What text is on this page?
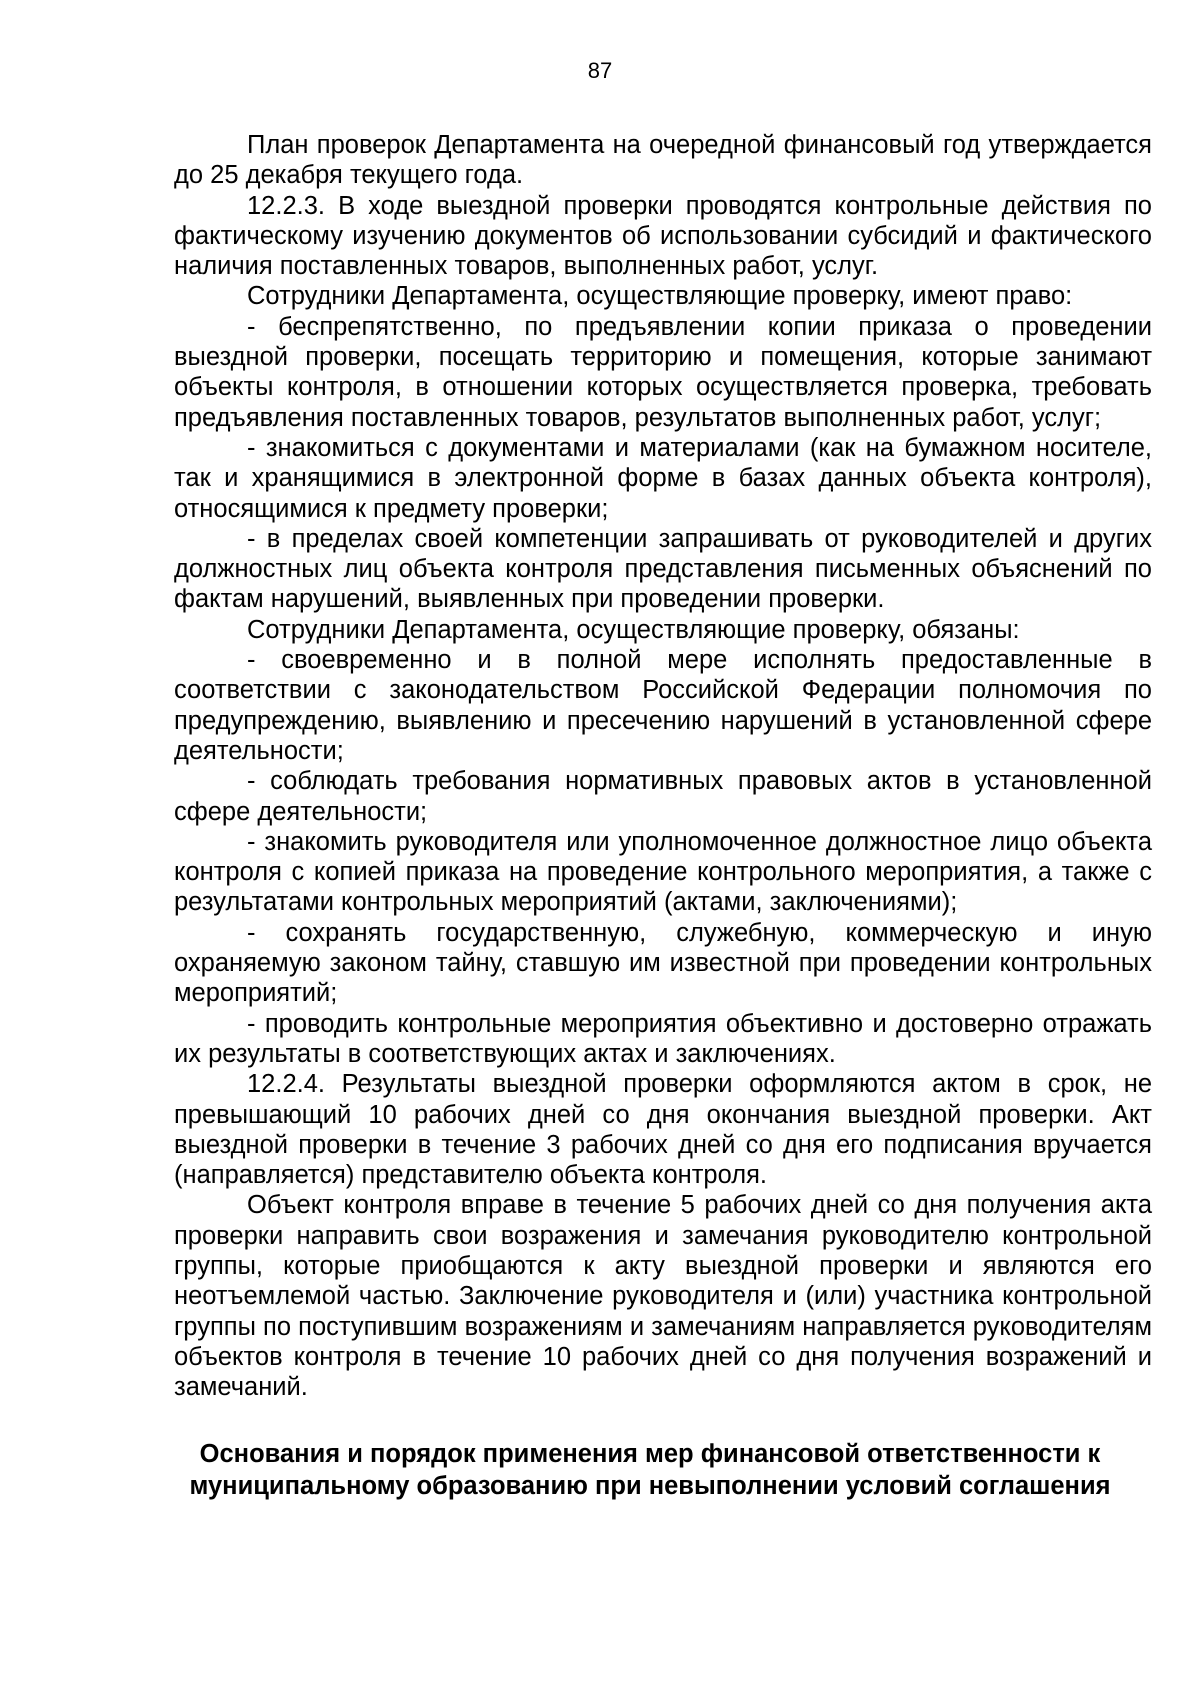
87

План проверок Департамента на очередной финансовый год утверждается до 25 декабря текущего года.

12.2.3. В ходе выездной проверки проводятся контрольные действия по фактическому изучению документов об использовании субсидий и фактического наличия поставленных товаров, выполненных работ, услуг.

Сотрудники Департамента, осуществляющие проверку, имеют право:

- беспрепятственно, по предъявлении копии приказа о проведении выездной проверки, посещать территорию и помещения, которые занимают объекты контроля, в отношении которых осуществляется проверка, требовать предъявления поставленных товаров, результатов выполненных работ, услуг;

- знакомиться с документами и материалами (как на бумажном носителе, так и хранящимися в электронной форме в базах данных объекта контроля), относящимися к предмету проверки;

- в пределах своей компетенции запрашивать от руководителей и других должностных лиц объекта контроля представления письменных объяснений по фактам нарушений, выявленных при проведении проверки.

Сотрудники Департамента, осуществляющие проверку, обязаны:

- своевременно и в полной мере исполнять предоставленные в соответствии с законодательством Российской Федерации полномочия по предупреждению, выявлению и пресечению нарушений в установленной сфере деятельности;

- соблюдать требования нормативных правовых актов в установленной сфере деятельности;

- знакомить руководителя или уполномоченное должностное лицо объекта контроля с копией приказа на проведение контрольного мероприятия, а также с результатами контрольных мероприятий (актами, заключениями);

- сохранять государственную, служебную, коммерческую и иную охраняемую законом тайну, ставшую им известной при проведении контрольных мероприятий;

- проводить контрольные мероприятия объективно и достоверно отражать их результаты в соответствующих актах и заключениях.

12.2.4. Результаты выездной проверки оформляются актом в срок, не превышающий 10 рабочих дней со дня окончания выездной проверки. Акт выездной проверки в течение 3 рабочих дней со дня его подписания вручается (направляется) представителю объекта контроля.

Объект контроля вправе в течение 5 рабочих дней со дня получения акта проверки направить свои возражения и замечания руководителю контрольной группы, которые приобщаются к акту выездной проверки и являются его неотъемлемой частью. Заключение руководителя и (или) участника контрольной группы по поступившим возражениям и замечаниям направляется руководителям объектов контроля в течение 10 рабочих дней со дня получения возражений и замечаний.

Основания и порядок применения мер финансовой ответственности к
муниципальному образованию при невыполнении условий соглашения
